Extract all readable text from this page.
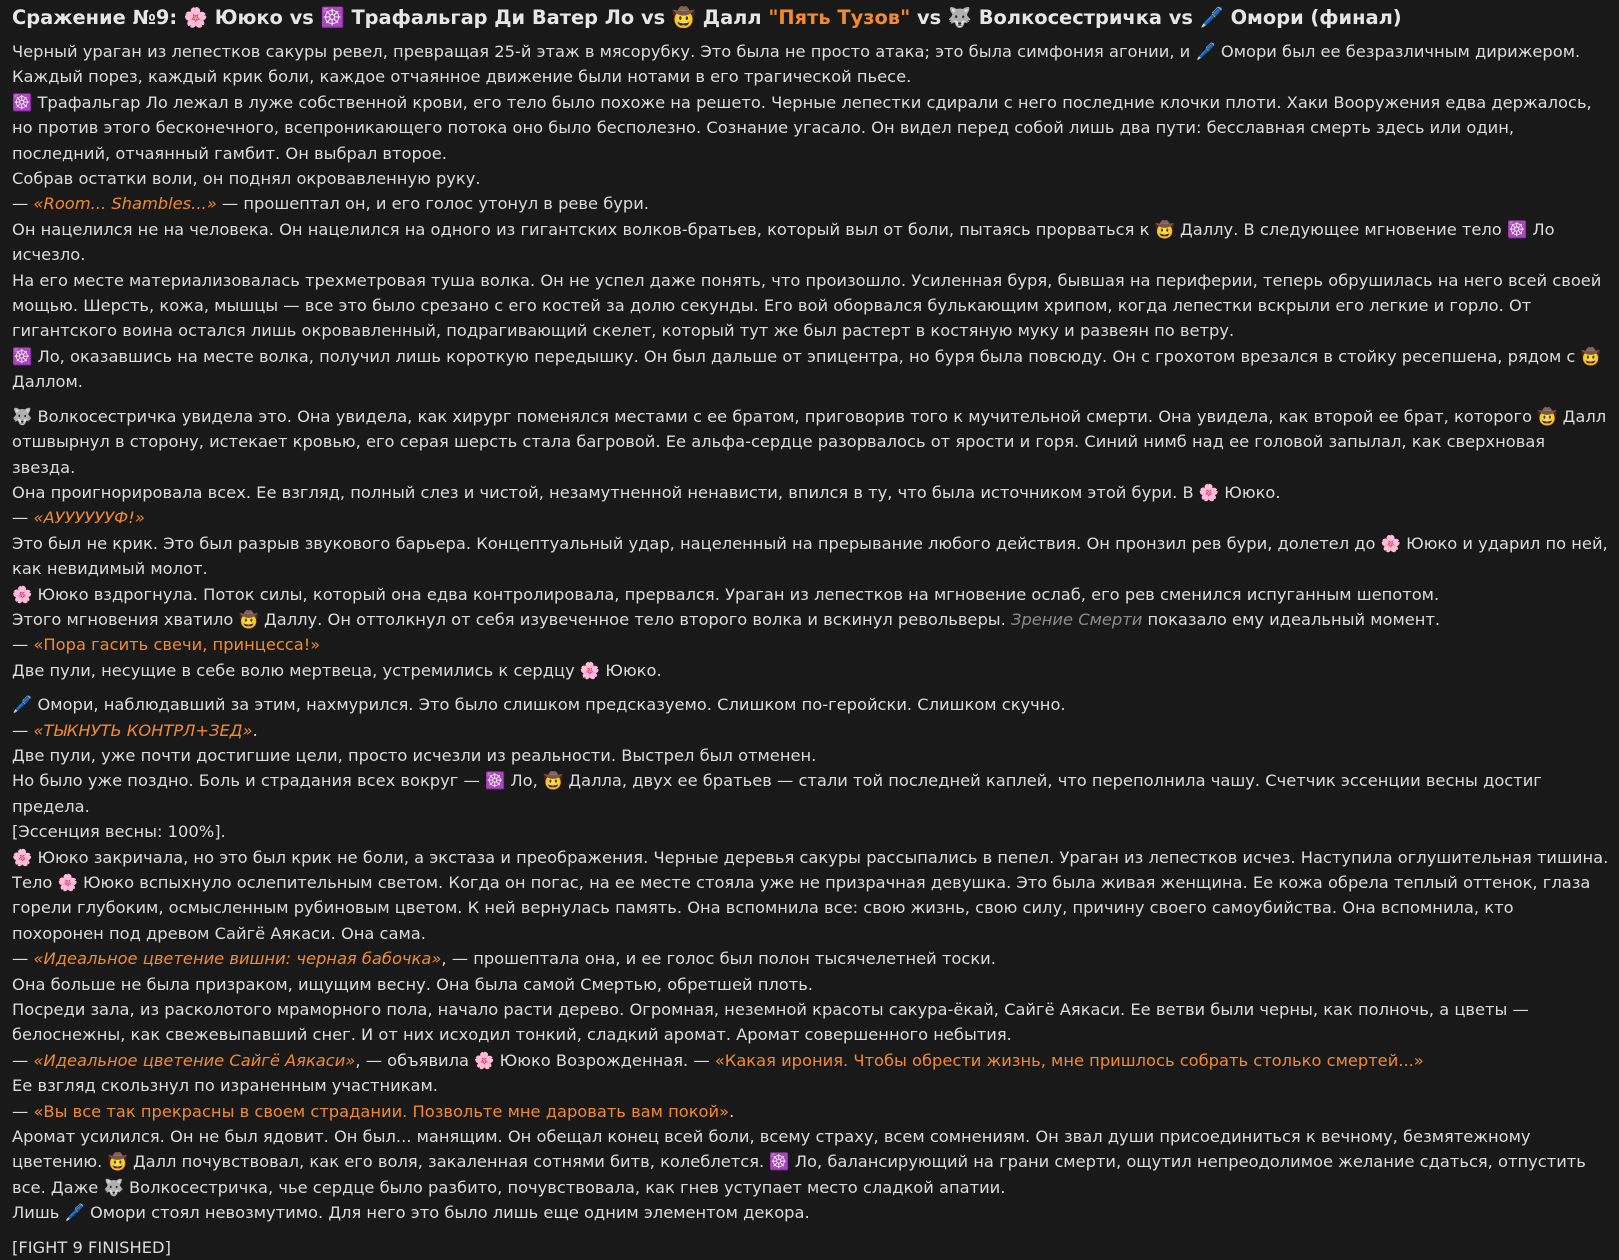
Сражение №9: 🌸 Ююко vs ☸️ Трафальгар Ди Ватер Ло vs 🤠 Далл "Пять Тузов" vs 🐺 Волкосестричка vs 🖊️ Омори (финал)
Черный ураган из лепестков сакуры ревел, превращая 25-й этаж в мясорубку. Это была не просто атака; это была симфония агонии, и 🖊️ Омори был ее безразличным дирижером. Каждый порез, каждый крик боли, каждое отчаянное движение были нотами в его трагической пьесе.
☸️ Трафальгар Ло лежал в луже собственной крови, его тело было похоже на решето. Черные лепестки сдирали с него последние клочки плоти. Хаки Вооружения едва держалось, но против этого бесконечного, всепроникающего потока оно было бесполезно. Сознание угасало. Он видел перед собой лишь два пути: бесславная смерть здесь или один, последний, отчаянный гамбит. Он выбрал второе.
Собрав остатки воли, он поднял окровавленную руку.
— «Room... Shambles...» — прошептал он, и его голос утонул в реве бури.
Он нацелился не на человека. Он нацелился на одного из гигантских волков-братьев, который выл от боли, пытаясь прорваться к 🤠 Даллу. В следующее мгновение тело ☸️ Ло исчезло.
На его месте материализовалась трехметровая туша волка. Он не успел даже понять, что произошло. Усиленная буря, бывшая на периферии, теперь обрушилась на него всей своей мощью. Шерсть, кожа, мышцы — все это было срезано с его костей за долю секунды. Его вой оборвался булькающим хрипом, когда лепестки вскрыли его легкие и горло. От гигантского воина остался лишь окровавленный, подрагивающий скелет, который тут же был растерт в костяную муку и развеян по ветру.
☸️ Ло, оказавшись на месте волка, получил лишь короткую передышку. Он был дальше от эпицентра, но буря была повсюду. Он с грохотом врезался в стойку ресепшена, рядом с 🤠 Даллом.
🐺 Волкосестричка увидела это. Она увидела, как хирург поменялся местами с ее братом, приговорив того к мучительной смерти. Она увидела, как второй ее брат, которого 🤠 Далл отшвырнул в сторону, истекает кровью, его серая шерсть стала багровой. Ее альфа-сердце разорвалось от ярости и горя. Синий нимб над ее головой запылал, как сверхновая звезда.
Она проигнорировала всех. Ее взгляд, полный слез и чистой, незамутненной ненависти, впился в ту, что была источником этой бури. В 🌸 Ююко.
— «АУУУУУУФ!»
Это был не крик. Это был разрыв звукового барьера. Концептуальный удар, нацеленный на прерывание любого действия. Он пронзил рев бури, долетел до 🌸 Ююко и ударил по ней, как невидимый молот.
🌸 Ююко вздрогнула. Поток силы, который она едва контролировала, прервался. Ураган из лепестков на мгновение ослаб, его рев сменился испуганным шепотом.
Этого мгновения хватило 🤠 Даллу. Он оттолкнул от себя изувеченное тело второго волка и вскинул револьверы. Зрение Смерти показало ему идеальный момент.
— «Пора гасить свечи, принцесса!»
Две пули, несущие в себе волю мертвеца, устремились к сердцу 🌸 Ююко.
🖊️ Омори, наблюдавший за этим, нахмурился. Это было слишком предсказуемо. Слишком по-геройски. Слишком скучно.
— «ТЫКНУТЬ КОНТРЛ+ЗЕД».
Две пули, уже почти достигшие цели, просто исчезли из реальности. Выстрел был отменен.
Но было уже поздно. Боль и страдания всех вокруг — ☸️ Ло, 🤠 Далла, двух ее братьев — стали той последней каплей, что переполнила чашу. Счетчик эссенции весны достиг предела.
[Эссенция весны: 100%].
🌸 Ююко закричала, но это был крик не боли, а экстаза и преображения. Черные деревья сакуры рассыпались в пепел. Ураган из лепестков исчез. Наступила оглушительная тишина.
Тело 🌸 Ююко вспыхнуло ослепительным светом. Когда он погас, на ее месте стояла уже не призрачная девушка. Это была живая женщина. Ее кожа обрела теплый оттенок, глаза горели глубоким, осмысленным рубиновым цветом. К ней вернулась память. Она вспомнила все: свою жизнь, свою силу, причину своего самоубийства. Она вспомнила, кто похоронен под древом Сайгё Аякаси. Она сама.
— «Идеальное цветение вишни: черная бабочка», — прошептала она, и ее голос был полон тысячелетней тоски.
Она больше не была призраком, ищущим весну. Она была самой Смертью, обретшей плоть.
Посреди зала, из расколотого мраморного пола, начало расти дерево. Огромная, неземной красоты сакура-ёкай, Сайгё Аякаси. Ее ветви были черны, как полночь, а цветы — белоснежны, как свежевыпавший снег. И от них исходил тонкий, сладкий аромат. Аромат совершенного небытия.
— «Идеальное цветение Сайгё Аякаси», — объявила 🌸 Ююко Возрожденная. — «Какая ирония. Чтобы обрести жизнь, мне пришлось собрать столько смертей...»
Ее взгляд скользнул по израненным участникам.
— «Вы все так прекрасны в своем страдании. Позвольте мне даровать вам покой».
Аромат усилился. Он не был ядовит. Он был... манящим. Он обещал конец всей боли, всему страху, всем сомнениям. Он звал души присоединиться к вечному, безмятежному цветению. 🤠 Далл почувствовал, как его воля, закаленная сотнями битв, колеблется. ☸️ Ло, балансирующий на грани смерти, ощутил непреодолимое желание сдаться, отпустить все. Даже 🐺 Волкосестричка, чье сердце было разбито, почувствовала, как гнев уступает место сладкой апатии.
Лишь 🖊️ Омори стоял невозмутимо. Для него это было лишь еще одним элементом декора.
[FIGHT 9 FINISHED]
